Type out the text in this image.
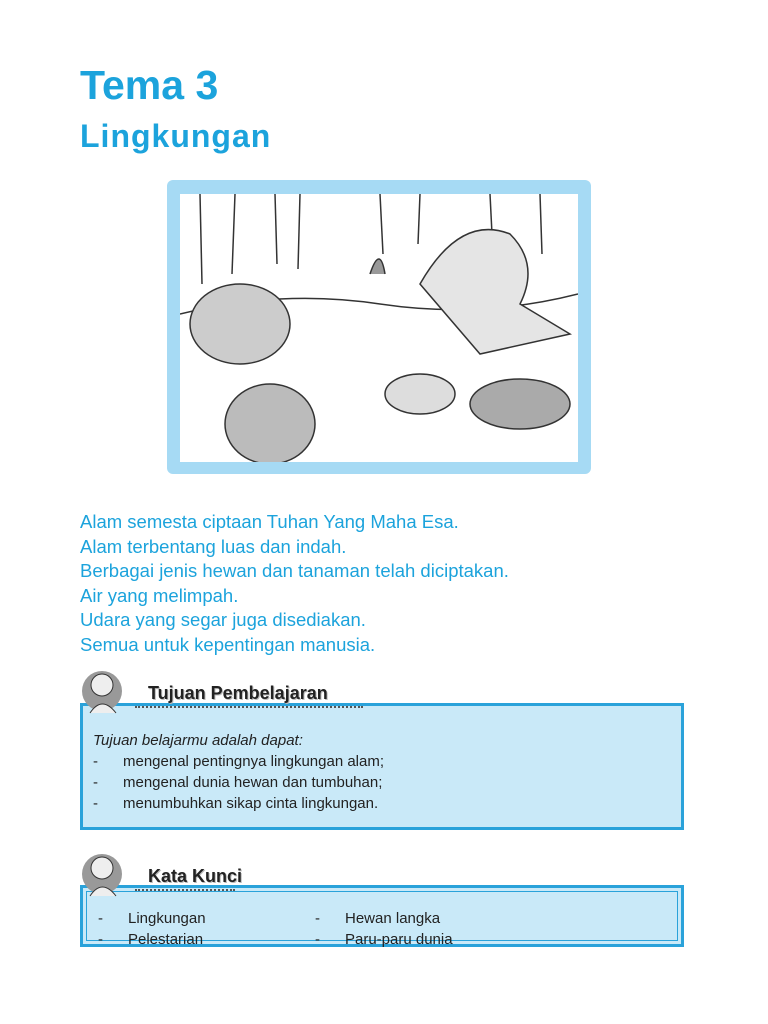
Tema 3
Lingkungan
Alam semesta ciptaan Tuhan Yang Maha Esa.
Alam terbentang luas dan indah.
Berbagai jenis hewan dan tanaman telah diciptakan.
Air yang melimpah.
Udara yang segar juga disediakan.
Semua untuk kepentingan manusia.
Tujuan belajarmu adalah dapat:
-	mengenal pentingnya lingkungan alam;
-	mengenal dunia hewan dan tumbuhan;
-	menumbuhkan sikap cinta lingkungan.
Tujuan Pembelajaran
-	Lingkungan
-	Pelestarian
-	Hewan langka
-	Paru-paru dunia
Kata Kunci
